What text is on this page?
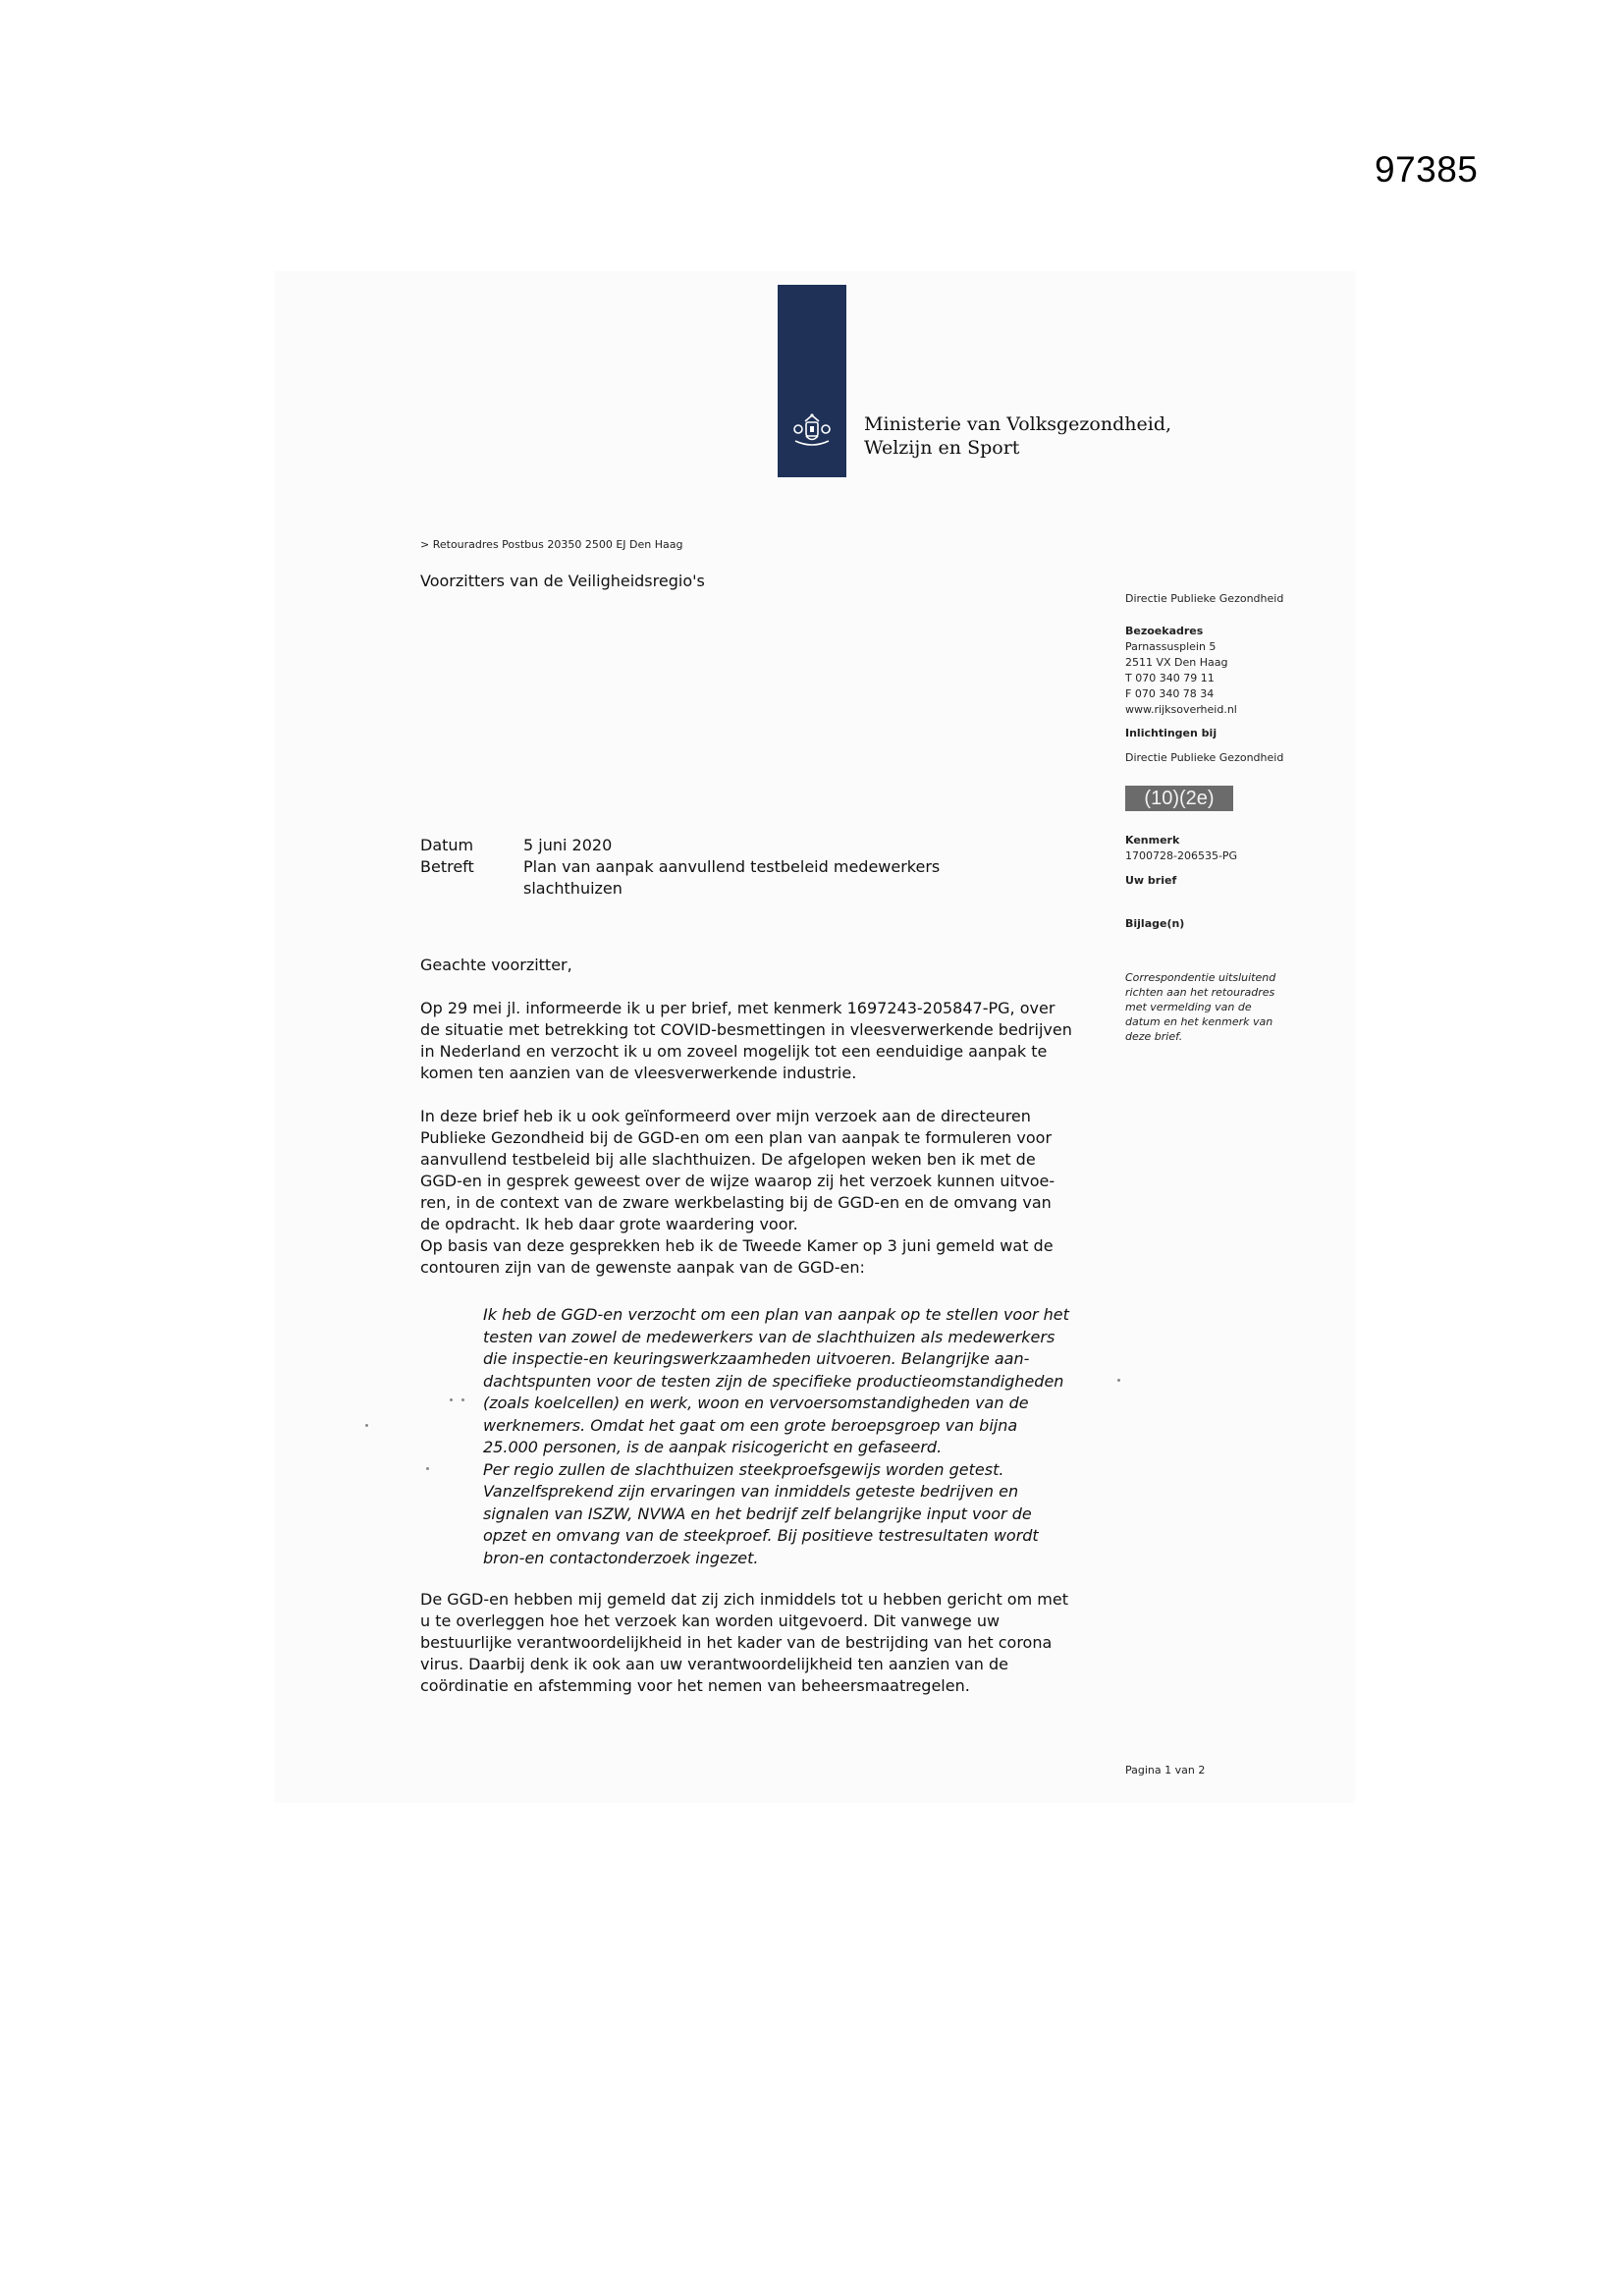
97385
Ministerie van Volksgezondheid,
Welzijn en Sport
> Retouradres Postbus 20350 2500 EJ Den Haag
Voorzitters van de Veiligheidsregio's
Directie Publieke Gezondheid
Bezoekadres
Parnassusplein 5
2511 VX Den Haag
T 070 340 79 11
F 070 340 78 34
www.rijksoverheid.nl
Inlichtingen bij
Directie Publieke Gezondheid
(10)(2e)
Kenmerk
1700728-206535-PG
Uw brief
Bijlage(n)
Correspondentie uitsluitend
richten aan het retouradres
met vermelding van de
datum en het kenmerk van
deze brief.
Datum	5 juni 2020
Betreft	Plan van aanpak aanvullend testbeleid medewerkers
slachthuizen

Geachte voorzitter,

Op 29 mei jl. informeerde ik u per brief, met kenmerk 1697243-205847-PG, over
de situatie met betrekking tot COVID-besmettingen in vleesverwerkende bedrijven
in Nederland en verzocht ik u om zoveel mogelijk tot een eenduidige aanpak te
komen ten aanzien van de vleesverwerkende industrie.

In deze brief heb ik u ook geïnformeerd over mijn verzoek aan de directeuren
Publieke Gezondheid bij de GGD-en om een plan van aanpak te formuleren voor
aanvullend testbeleid bij alle slachthuizen. De afgelopen weken ben ik met de
GGD-en in gesprek geweest over de wijze waarop zij het verzoek kunnen uitvoe-
ren, in de context van de zware werkbelasting bij de GGD-en en de omvang van
de opdracht. Ik heb daar grote waardering voor.
Op basis van deze gesprekken heb ik de Tweede Kamer op 3 juni gemeld wat de
contouren zijn van de gewenste aanpak van de GGD-en:

Ik heb de GGD-en verzocht om een plan van aanpak op te stellen voor het
testen van zowel de medewerkers van de slachthuizen als medewerkers
die inspectie-en keuringswerkzaamheden uitvoeren. Belangrijke aan-
dachtspunten voor de testen zijn de specifieke productieomstandigheden
(zoals koelcellen) en werk, woon en vervoersomstandigheden van de
werknemers. Omdat het gaat om een grote beroepsgroep van bijna
25.000 personen, is de aanpak risicogericht en gefaseerd.
Per regio zullen de slachthuizen steekproefsgewijs worden getest.
Vanzelfsprekend zijn ervaringen van inmiddels geteste bedrijven en
signalen van ISZW, NVWA en het bedrijf zelf belangrijke input voor de
opzet en omvang van de steekproef. Bij positieve testresultaten wordt
bron-en contactonderzoek ingezet.
De GGD-en hebben mij gemeld dat zij zich inmiddels tot u hebben gericht om met
u te overleggen hoe het verzoek kan worden uitgevoerd. Dit vanwege uw
bestuurlijke verantwoordelijkheid in het kader van de bestrijding van het corona
virus. Daarbij denk ik ook aan uw verantwoordelijkheid ten aanzien van de
coördinatie en afstemming voor het nemen van beheersmaatregelen.
Pagina 1 van 2
